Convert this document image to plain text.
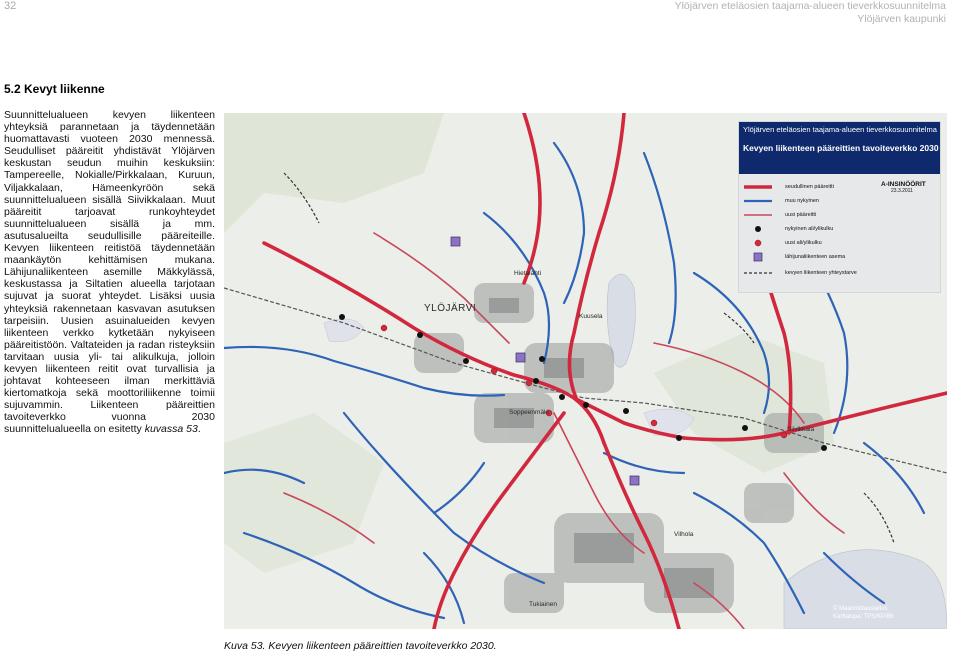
32	Ylöjärven eteläosien taajama-alueen tieverkkosuunnitelma
Ylöjärven kaupunki
5.2 Kevyt liikenne

Suunnittelualueen kevyen liikenteen yhteyksiä parannetaan ja täydennetään huomattavasti vuoteen 2030 mennessä. Seudulliset pääreitit yhdistävät Ylöjärven keskustan seudun muihin keskuksiin: Tampereelle, Nokialle/Pirkkalaan, Kuruun, Viljakkalaan, Hämeenkyröön sekä suunnittelualueen sisällä Siivikkalaan. Muut pääreitit tarjoavat runkoyhteydet suunnittelualueen sisällä ja mm. asutusalueilta seudullisille pääreiteille. Kevyen liikenteen reitistöä täydennetään maankäytön kehittämisen mukana. Lähijunaliikenteen asemille Mäkkylässä, keskustassa ja Siltatien alueella tarjotaan sujuvat ja suorat yhteydet. Lisäksi uusia yhteyksiä rakennetaan kasvavan asutuksen tarpeisiin. Uusien asuinalueiden kevyen liikenteen verkko kytketään nykyiseen pääreitistöön. Valtateiden ja radan risteyksiin tarvitaan uusia yli- tai alikulkuja, jolloin kevyen liikenteen reitit ovat turvallisia ja johtavat kohteeseen ilman merkittäviä kiertomatkoja sekä moottoriliikenne toimii sujuvammin. Liikenteen pääreittien tavoiteverkko vuonna 2030 suunnittelualueella on esitetty kuvassa 53.

YLÖJÄRVI
Soppeenmäki
Siivikkala
Hietalahti
Kuusela
Vilhola
Tukiainen
Ylöjärven eteläosien taajama-alueen tieverkkosuunnitelma
Kevyen liikenteen pääreittien tavoiteverkko 2030
A-INSINÖÖRIT
23.3.2011
seudullinen pääreitti
muu nykyinen
uusi pääreitti
nykyinen ali/ylikulku
uusi ali/ylikulku
lähijunaliikenteen asema
kevyen liikenteen yhteystarve
© Maanmittauslaitos
Karttalupa: TPS/KP/86
Kuva 53. Kevyen liikenteen pääreittien tavoiteverkko 2030.
